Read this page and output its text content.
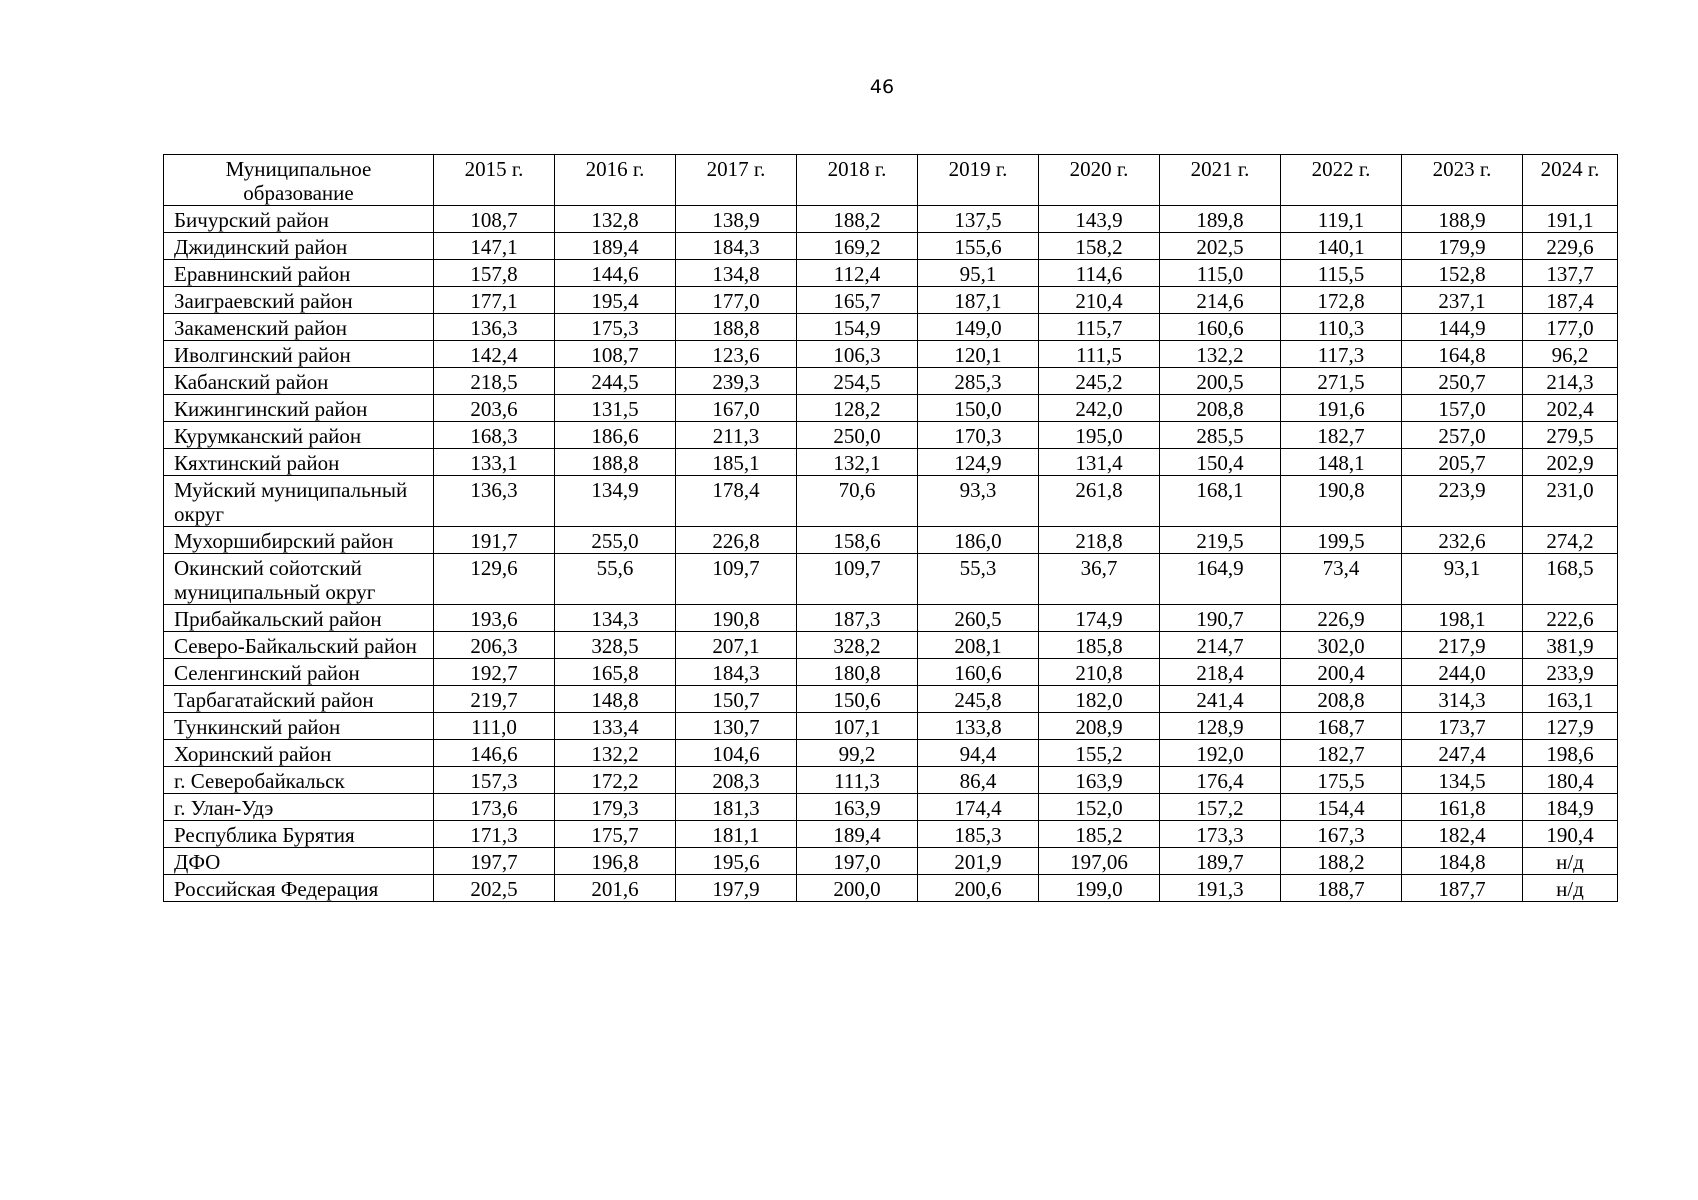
46
Муниципальное образование	2015 г.	2016 г.	2017 г.	2018 г.	2019 г.	2020 г.	2021 г.	2022 г.	2023 г.	2024 г.
Бичурский район	108,7	132,8	138,9	188,2	137,5	143,9	189,8	119,1	188,9	191,1
Джидинский район	147,1	189,4	184,3	169,2	155,6	158,2	202,5	140,1	179,9	229,6
Еравнинский район	157,8	144,6	134,8	112,4	95,1	114,6	115,0	115,5	152,8	137,7
Заиграевский район	177,1	195,4	177,0	165,7	187,1	210,4	214,6	172,8	237,1	187,4
Закаменский район	136,3	175,3	188,8	154,9	149,0	115,7	160,6	110,3	144,9	177,0
Иволгинский район	142,4	108,7	123,6	106,3	120,1	111,5	132,2	117,3	164,8	96,2
Кабанский район	218,5	244,5	239,3	254,5	285,3	245,2	200,5	271,5	250,7	214,3
Кижингинский район	203,6	131,5	167,0	128,2	150,0	242,0	208,8	191,6	157,0	202,4
Курумканский район	168,3	186,6	211,3	250,0	170,3	195,0	285,5	182,7	257,0	279,5
Кяхтинский район	133,1	188,8	185,1	132,1	124,9	131,4	150,4	148,1	205,7	202,9
Муйский муниципальный округ	136,3	134,9	178,4	70,6	93,3	261,8	168,1	190,8	223,9	231,0
Мухоршибирский район	191,7	255,0	226,8	158,6	186,0	218,8	219,5	199,5	232,6	274,2
Окинский сойотский муниципальный округ	129,6	55,6	109,7	109,7	55,3	36,7	164,9	73,4	93,1	168,5
Прибайкальский район	193,6	134,3	190,8	187,3	260,5	174,9	190,7	226,9	198,1	222,6
Северо-Байкальский район	206,3	328,5	207,1	328,2	208,1	185,8	214,7	302,0	217,9	381,9
Селенгинский район	192,7	165,8	184,3	180,8	160,6	210,8	218,4	200,4	244,0	233,9
Тарбагатайский район	219,7	148,8	150,7	150,6	245,8	182,0	241,4	208,8	314,3	163,1
Тункинский район	111,0	133,4	130,7	107,1	133,8	208,9	128,9	168,7	173,7	127,9
Хоринский район	146,6	132,2	104,6	99,2	94,4	155,2	192,0	182,7	247,4	198,6
г. Северобайкальск	157,3	172,2	208,3	111,3	86,4	163,9	176,4	175,5	134,5	180,4
г. Улан-Удэ	173,6	179,3	181,3	163,9	174,4	152,0	157,2	154,4	161,8	184,9
Республика Бурятия	171,3	175,7	181,1	189,4	185,3	185,2	173,3	167,3	182,4	190,4
ДФО	197,7	196,8	195,6	197,0	201,9	197,06	189,7	188,2	184,8	н/д
Российская Федерация	202,5	201,6	197,9	200,0	200,6	199,0	191,3	188,7	187,7	н/д
